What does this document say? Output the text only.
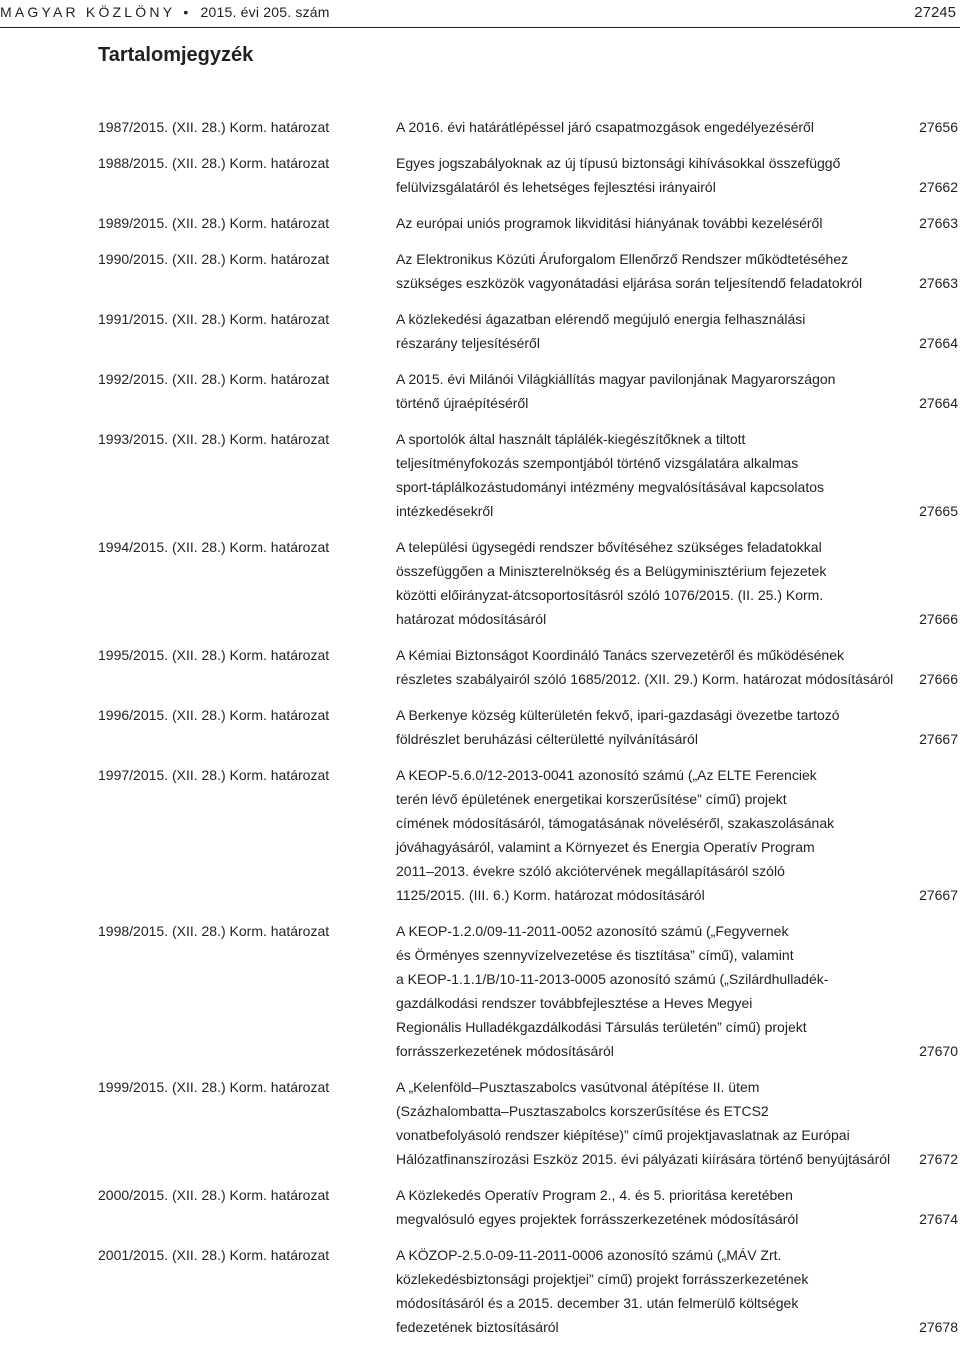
MAGYAR KÖZLÖNY • 2015. évi 205. szám	27245
Tartalomjegyzék
1987/2015. (XII. 28.) Korm. határozat	A 2016. évi határátlépéssel járó csapatmozgások engedélyezéséről	27656
1988/2015. (XII. 28.) Korm. határozat	Egyes jogszabályoknak az új típusú biztonsági kihívásokkal összefüggő
felülvizsgálatáról és lehetséges fejlesztési irányairól	27662
1989/2015. (XII. 28.) Korm. határozat	Az európai uniós programok likviditási hiányának további kezeléséről	27663
1990/2015. (XII. 28.) Korm. határozat	Az Elektronikus Közúti Áruforgalom Ellenőrző Rendszer működtetéséhez
szükséges eszközök vagyonátadási eljárása során teljesítendő feladatokról	27663
1991/2015. (XII. 28.) Korm. határozat	A közlekedési ágazatban elérendő megújuló energia felhasználási
részarány teljesítéséről	27664
1992/2015. (XII. 28.) Korm. határozat	A 2015. évi Milánói Világkiállítás magyar pavilonjának Magyarországon
történő újraépítéséről	27664
1993/2015. (XII. 28.) Korm. határozat	A sportolók által használt táplálék-kiegészítőknek a tiltott
teljesítményfokozás szempontjából történő vizsgálatára alkalmas
sport-táplálkozástudományi intézmény megvalósításával kapcsolatos
intézkedésekről	27665
1994/2015. (XII. 28.) Korm. határozat	A települési ügysegédi rendszer bővítéséhez szükséges feladatokkal
összefüggően a Miniszterelnökség és a Belügyminisztérium fejezetek
közötti előirányzat-átcsoportosításról szóló 1076/2015. (II. 25.) Korm.
határozat módosításáról	27666
1995/2015. (XII. 28.) Korm. határozat	A Kémiai Biztonságot Koordináló Tanács szervezetéről és működésének
részletes szabályairól szóló 1685/2012. (XII. 29.) Korm. határozat módosításáról	27666
1996/2015. (XII. 28.) Korm. határozat	A Berkenye község külterületén fekvő, ipari-gazdasági övezetbe tartozó
földrészlet beruházási célterületté nyilvánításáról	27667
1997/2015. (XII. 28.) Korm. határozat	A KEOP-5.6.0/12-2013-0041 azonosító számú („Az ELTE Ferenciek
terén lévő épületének energetikai korszerűsítése” című) projekt
címének módosításáról, támogatásának növeléséről, szakaszolásának
jóváhagyásáról, valamint a Környezet és Energia Operatív Program
2011–2013. évekre szóló akciótervének megállapításáról szóló
1125/2015. (III. 6.) Korm. határozat módosításáról	27667
1998/2015. (XII. 28.) Korm. határozat	A KEOP-1.2.0/09-11-2011-0052 azonosító számú („Fegyvernek
és Örményes szennyvízelvezetése és tisztítása” című), valamint
a KEOP-1.1.1/B/10-11-2013-0005 azonosító számú („Szilárdhulladék-
gazdálkodási rendszer továbbfejlesztése a Heves Megyei
Regionális Hulladékgazdálkodási Társulás területén” című) projekt
forrásszerkezetének módosításáról	27670
1999/2015. (XII. 28.) Korm. határozat	A „Kelenföld–Pusztaszabolcs vasútvonal átépítése II. ütem
(Százhalombatta–Pusztaszabolcs korszerűsítése és ETCS2
vonatbefolyásoló rendszer kiépítése)” című projektjavaslatnak az Európai
Hálózatfinanszírozási Eszköz 2015. évi pályázati kiírására történő benyújtásáról	27672
2000/2015. (XII. 28.) Korm. határozat	A Közlekedés Operatív Program 2., 4. és 5. prioritása keretében
megvalósuló egyes projektek forrásszerkezetének módosításáról	27674
2001/2015. (XII. 28.) Korm. határozat	A KÖZOP-2.5.0-09-11-2011-0006 azonosító számú („MÁV Zrt.
közlekedésbiztonsági projektjei” című) projekt forrásszerkezetének
módosításáról és a 2015. december 31. után felmerülő költségek
fedezetének biztosításáról	27678
